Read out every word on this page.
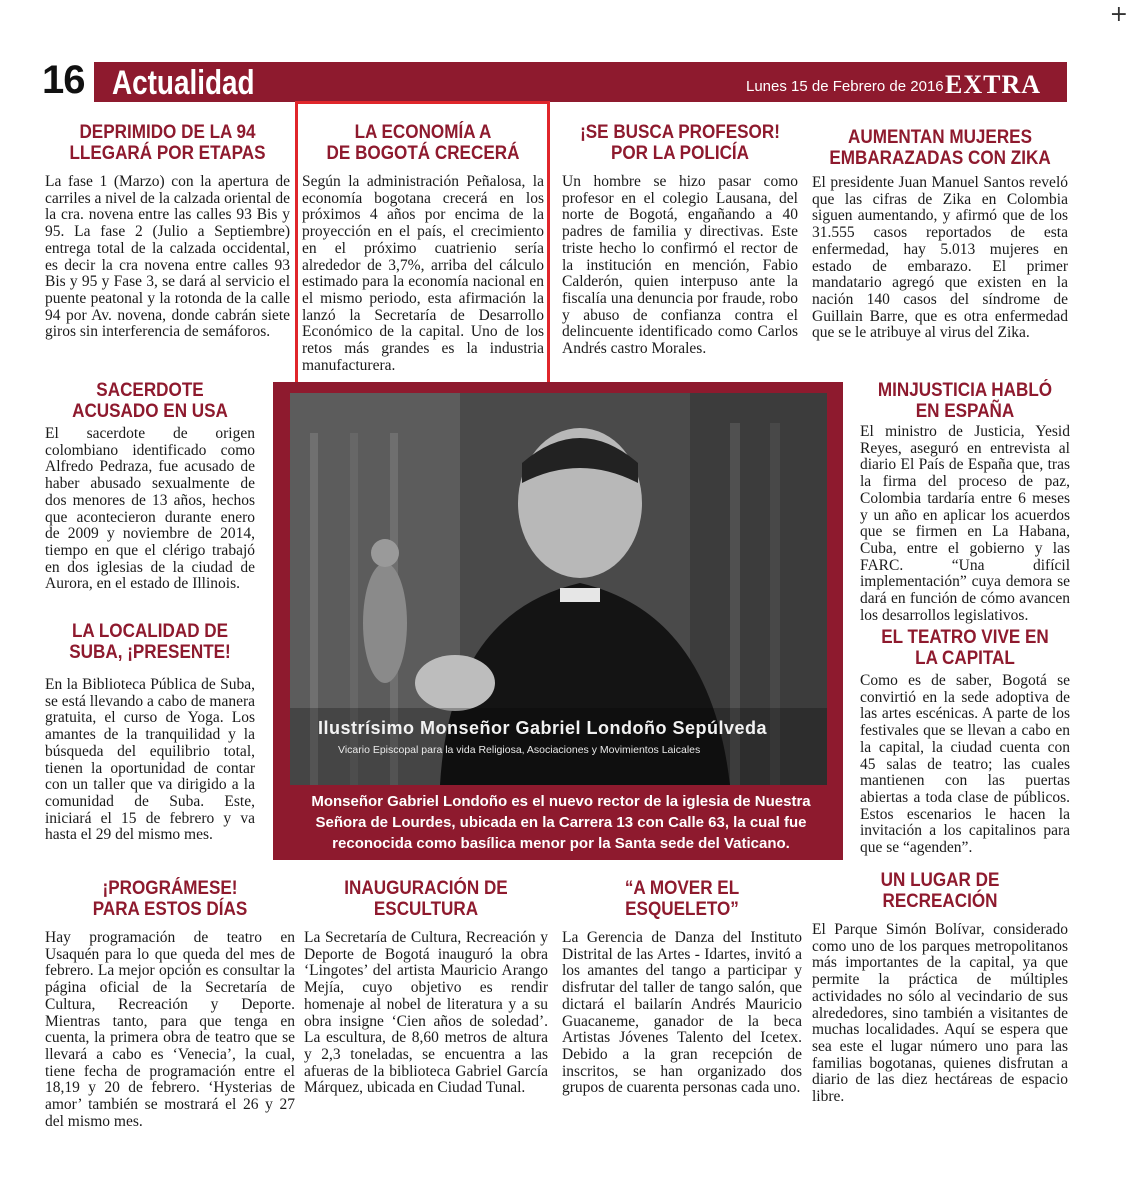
16 Actualidad	Lunes 15 de Febrero de 2016 EXTRA
+
DEPRIMIDO DE LA 94
LLEGARÁ POR ETAPAS
La fase 1 (Marzo) con la apertura de carriles a nivel de la calzada oriental de la cra. novena entre las calles 93 Bis y 95. La fase 2 (Julio a Septiembre) entrega total de la calzada occidental, es decir la cra novena entre calles 93 Bis y 95 y Fase 3, se dará al servicio el puente peatonal y la rotonda de la calle 94 por Av. novena, donde cabrán siete giros sin interferencia de semáforos.
LA ECONOMÍA A
DE BOGOTÁ CRECERÁ
Según la administración Peñalosa, la economía bogotana crecerá en los próximos 4 años por encima de la proyección en el país, el crecimiento en el próximo cuatrienio sería alrededor de 3,7%, arriba del cálculo estimado para la economía nacional en el mismo periodo, esta afirmación la lanzó la Secretaría de Desarrollo Económico de la capital. Uno de los retos más grandes es la industria manufacturera.
¡SE BUSCA PROFESOR!
POR LA POLICÍA
Un hombre se hizo pasar como profesor en el colegio Lausana, del norte de Bogotá, engañando a 40 padres de familia y directivas. Este triste hecho lo confirmó el rector de la institución en mención, Fabio Calderón, quien interpuso ante la fiscalía una denuncia por fraude, robo y abuso de confianza contra el delincuente identificado como Carlos Andrés castro Morales.
AUMENTAN MUJERES
EMBARAZADAS CON ZIKA
El presidente Juan Manuel Santos reveló que las cifras de Zika en Colombia siguen aumentando, y afirmó que de los 31.555 casos reportados de esta enfermedad, hay 5.013 mujeres en estado de embarazo. El primer mandatario agregó que existen en la nación 140 casos del síndrome de Guillain Barre, que es otra enfermedad que se le atribuye al virus del Zika.
SACERDOTE
ACUSADO EN USA
El sacerdote de origen colombiano identificado como Alfredo Pedraza, fue acusado de haber abusado sexualmente de dos menores de 13 años, hechos que acontecieron durante enero de 2009 y noviembre de 2014, tiempo en que el clérigo trabajó en dos iglesias de la ciudad de Aurora, en el estado de Illinois.
LA LOCALIDAD DE
SUBA, ¡PRESENTE!
En la Biblioteca Pública de Suba, se está llevando a cabo de manera gratuita, el curso de Yoga. Los amantes de la tranquilidad y la búsqueda del equilibrio total, tienen la oportunidad de contar con un taller que va dirigido a la comunidad de Suba. Este, iniciará el 15 de febrero y va hasta el 29 del mismo mes.
Ilustrísimo Monseñor Gabriel Londoño Sepúlveda
Vicario Episcopal para la vida Religiosa, Asociaciones y Movimientos Laicales
Monseñor Gabriel Londoño es el nuevo rector de la iglesia de Nuestra Señora de Lourdes, ubicada en la Carrera 13 con Calle 63, la cual fue reconocida como basílica menor por la Santa sede del Vaticano.
MINJUSTICIA HABLÓ
EN ESPAÑA
El ministro de Justicia, Yesid Reyes, aseguró en entrevista al diario El País de España que, tras la firma del proceso de paz, Colombia tardaría entre 6 meses y un año en aplicar los acuerdos que se firmen en La Habana, Cuba, entre el gobierno y las FARC. “Una difícil implementación” cuya demora se dará en función de cómo avancen los desarrollos legislativos.
EL TEATRO VIVE EN
LA CAPITAL
Como es de saber, Bogotá se convirtió en la sede adoptiva de las artes escénicas. A parte de los festivales que se llevan a cabo en la capital, la ciudad cuenta con 45 salas de teatro; las cuales mantienen con las puertas abiertas a toda clase de públicos. Estos escenarios le hacen la invitación a los capitalinos para que se “agenden”.
¡PROGRÁMESE!
PARA ESTOS DÍAS
Hay programación de teatro en Usaquén para lo que queda del mes de febrero. La mejor opción es consultar la página oficial de la Secretaría de Cultura, Recreación y Deporte. Mientras tanto, para que tenga en cuenta, la primera obra de teatro que se llevará a cabo es ‘Venecia’, la cual, tiene fecha de programación entre el 18,19 y 20 de febrero. ‘Hysterias de amor’ también se mostrará el 26 y 27 del mismo mes.
INAUGURACIÓN DE
ESCULTURA
La Secretaría de Cultura, Recreación y Deporte de Bogotá inauguró la obra ‘Lingotes’ del artista Mauricio Arango Mejía, cuyo objetivo es rendir homenaje al nobel de literatura y a su obra insigne ‘Cien años de soledad’. La escultura, de 8,60 metros de altura y 2,3 toneladas, se encuentra a las afueras de la biblioteca Gabriel García Márquez, ubicada en Ciudad Tunal.
“A MOVER EL
ESQUELETO”
La Gerencia de Danza del Instituto Distrital de las Artes - Idartes, invitó a los amantes del tango a participar y disfrutar del taller de tango salón, que dictará el bailarín Andrés Mauricio Guacaneme, ganador de la beca Artistas Jóvenes Talento del Icetex. Debido a la gran recepción de inscritos, se han organizado dos grupos de cuarenta personas cada uno.
UN LUGAR DE
RECREACIÓN
El Parque Simón Bolívar, considerado como uno de los parques metropolitanos más importantes de la capital, ya que permite la práctica de múltiples actividades no sólo al vecindario de sus alrededores, sino también a visitantes de muchas localidades. Aquí se espera que sea este el lugar número uno para las familias bogotanas, quienes disfrutan a diario de las diez hectáreas de espacio libre.
